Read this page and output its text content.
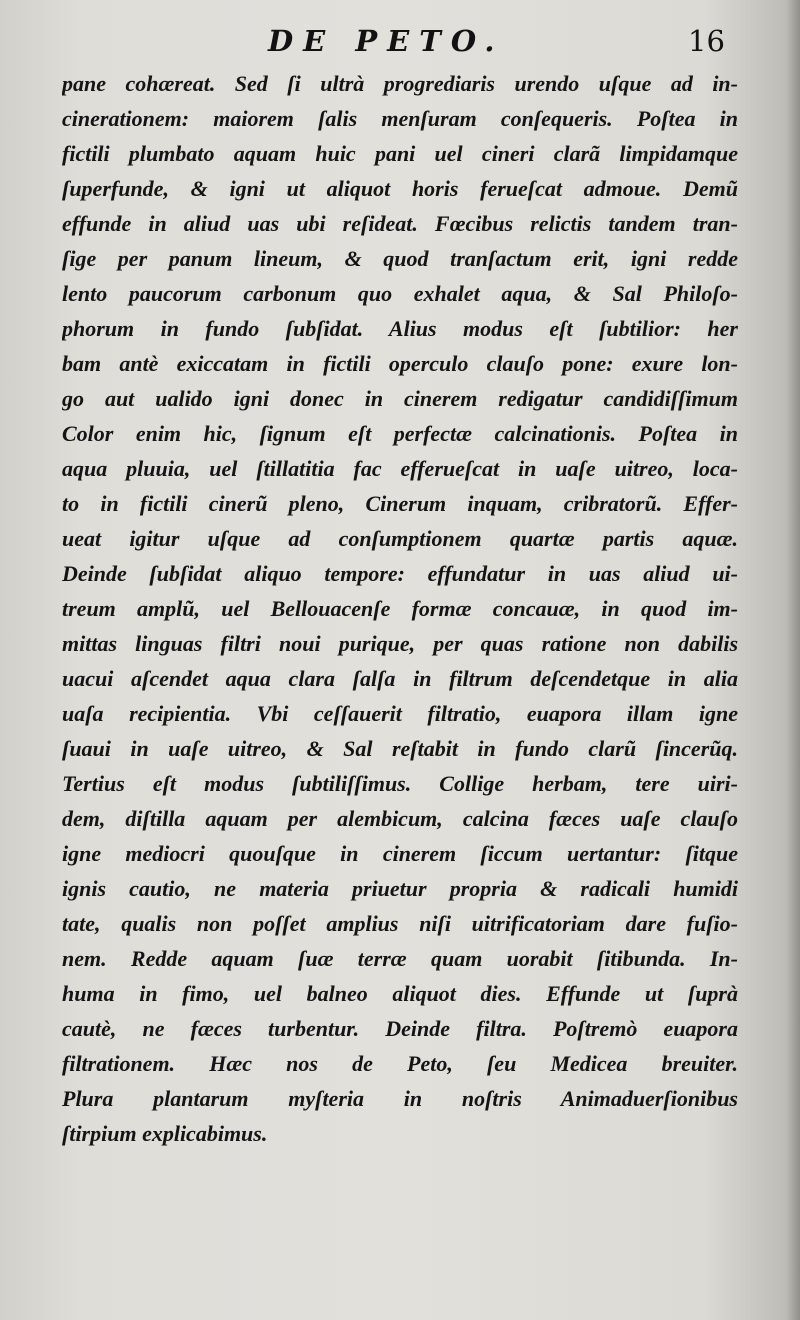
DE PETO.	16
pane cohæreat. Sed ſi ultrà progrediaris urendo uſque ad in-
cinerationem: maiorem ſalis menſuram conſequeris. Poſtea in
fictili plumbato aquam huic pani uel cineri clarã limpidamque
ſuperfunde, & igni ut aliquot horis ferueſcat admoue. Demũ
effunde in aliud uas ubi reſideat. Fœcibus relictis tandem tran-
ſige per panum lineum, & quod tranſactum erit, igni redde
lento paucorum carbonum quo exhalet aqua, & Sal Philoſo-
phorum in fundo ſubſidat. Alius modus eſt ſubtilior: her
bam antè exiccatam in fictili operculo clauſo pone: exure lon-
go aut ualido igni donec in cinerem redigatur candidiſſimum
Color enim hic, ſignum eſt perfectæ calcinationis. Poſtea in
aqua pluuia, uel ſtillatitia fac efferueſcat in uaſe uitreo, loca-
to in fictili cinerũ pleno, Cinerum inquam, cribratorũ. Effer-
ueat igitur uſque ad conſumptionem quartæ partis aquæ.
Deinde ſubſidat aliquo tempore: effundatur in uas aliud ui-
treum amplũ, uel Bellouacenſe formæ concauæ, in quod im-
mittas linguas filtri noui purique, per quas ratione non dabilis
uacui aſcendet aqua clara ſalſa in filtrum deſcendetque in alia
uaſa recipientia. Vbi ceſſauerit filtratio, euapora illam igne
ſuaui in uaſe uitreo, & Sal reſtabit in fundo clarũ ſincerũq.
Tertius eſt modus ſubtiliſſimus. Collige herbam, tere uiri-
dem, diſtilla aquam per alembicum, calcina fæces uaſe clauſo
igne mediocri quouſque in cinerem ſiccum uertantur: ſitque
ignis cautio, ne materia priuetur propria & radicali humidi
tate, qualis non poſſet amplius niſi uitrificatoriam dare fuſio-
nem. Redde aquam ſuæ terræ quam uorabit ſitibunda. In-
huma in fimo, uel balneo aliquot dies. Effunde ut ſuprà
cautè, ne fæces turbentur. Deinde filtra. Poſtremò euapora
filtrationem. Hæc nos de Peto, ſeu Medicea breuiter.
Plura plantarum myſteria in noſtris Animaduerſionibus
ſtirpium explicabimus.
